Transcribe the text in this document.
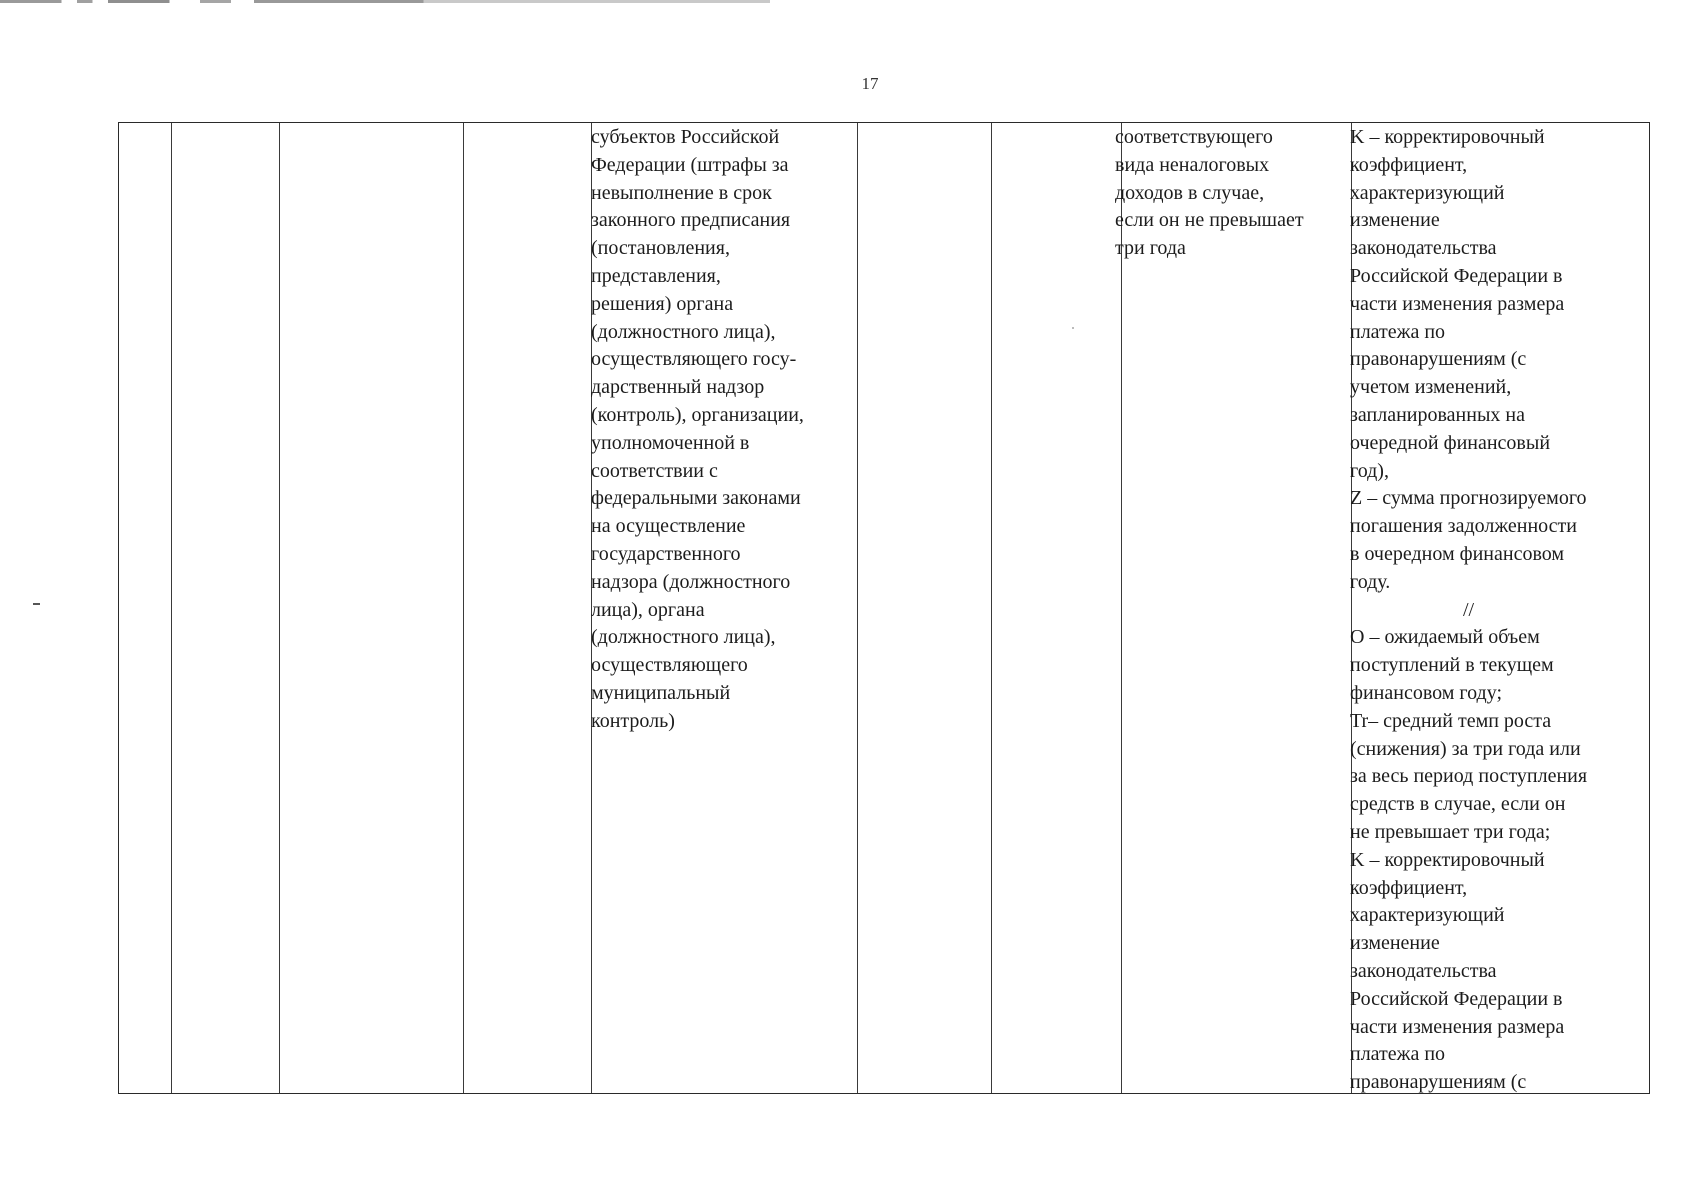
17
субъектов Российской
Федерации (штрафы за
невыполнение в срок
законного предписания
(постановления,
представления,
решения) органа
(должностного лица),
осуществляющего госу-
дарственный надзор
(контроль), организации,
уполномоченной в
соответствии с
федеральными законами
на осуществление
государственного
надзора (должностного
лица), органа
(должностного лица),
осуществляющего
муниципальный
контроль)
соответствующего
вида неналоговых
доходов в случае,
если он не превышает
три года
K – корректировочный
коэффициент,
характеризующий
изменение
законодательства
Российской Федерации в
части изменения размера
платежа по
правонарушениям (с
учетом изменений,
запланированных на
очередной финансовый
год),
Z – сумма прогнозируемого
погашения задолженности
в очередном финансовом
году.
//
О – ожидаемый объем
поступлений в текущем
финансовом году;
Tr– средний темп роста
(снижения) за три года или
за весь период поступления
средств в случае, если он
не превышает три года;
K – корректировочный
коэффициент,
характеризующий
изменение
законодательства
Российской Федерации в
части изменения размера
платежа по
правонарушениям (с
